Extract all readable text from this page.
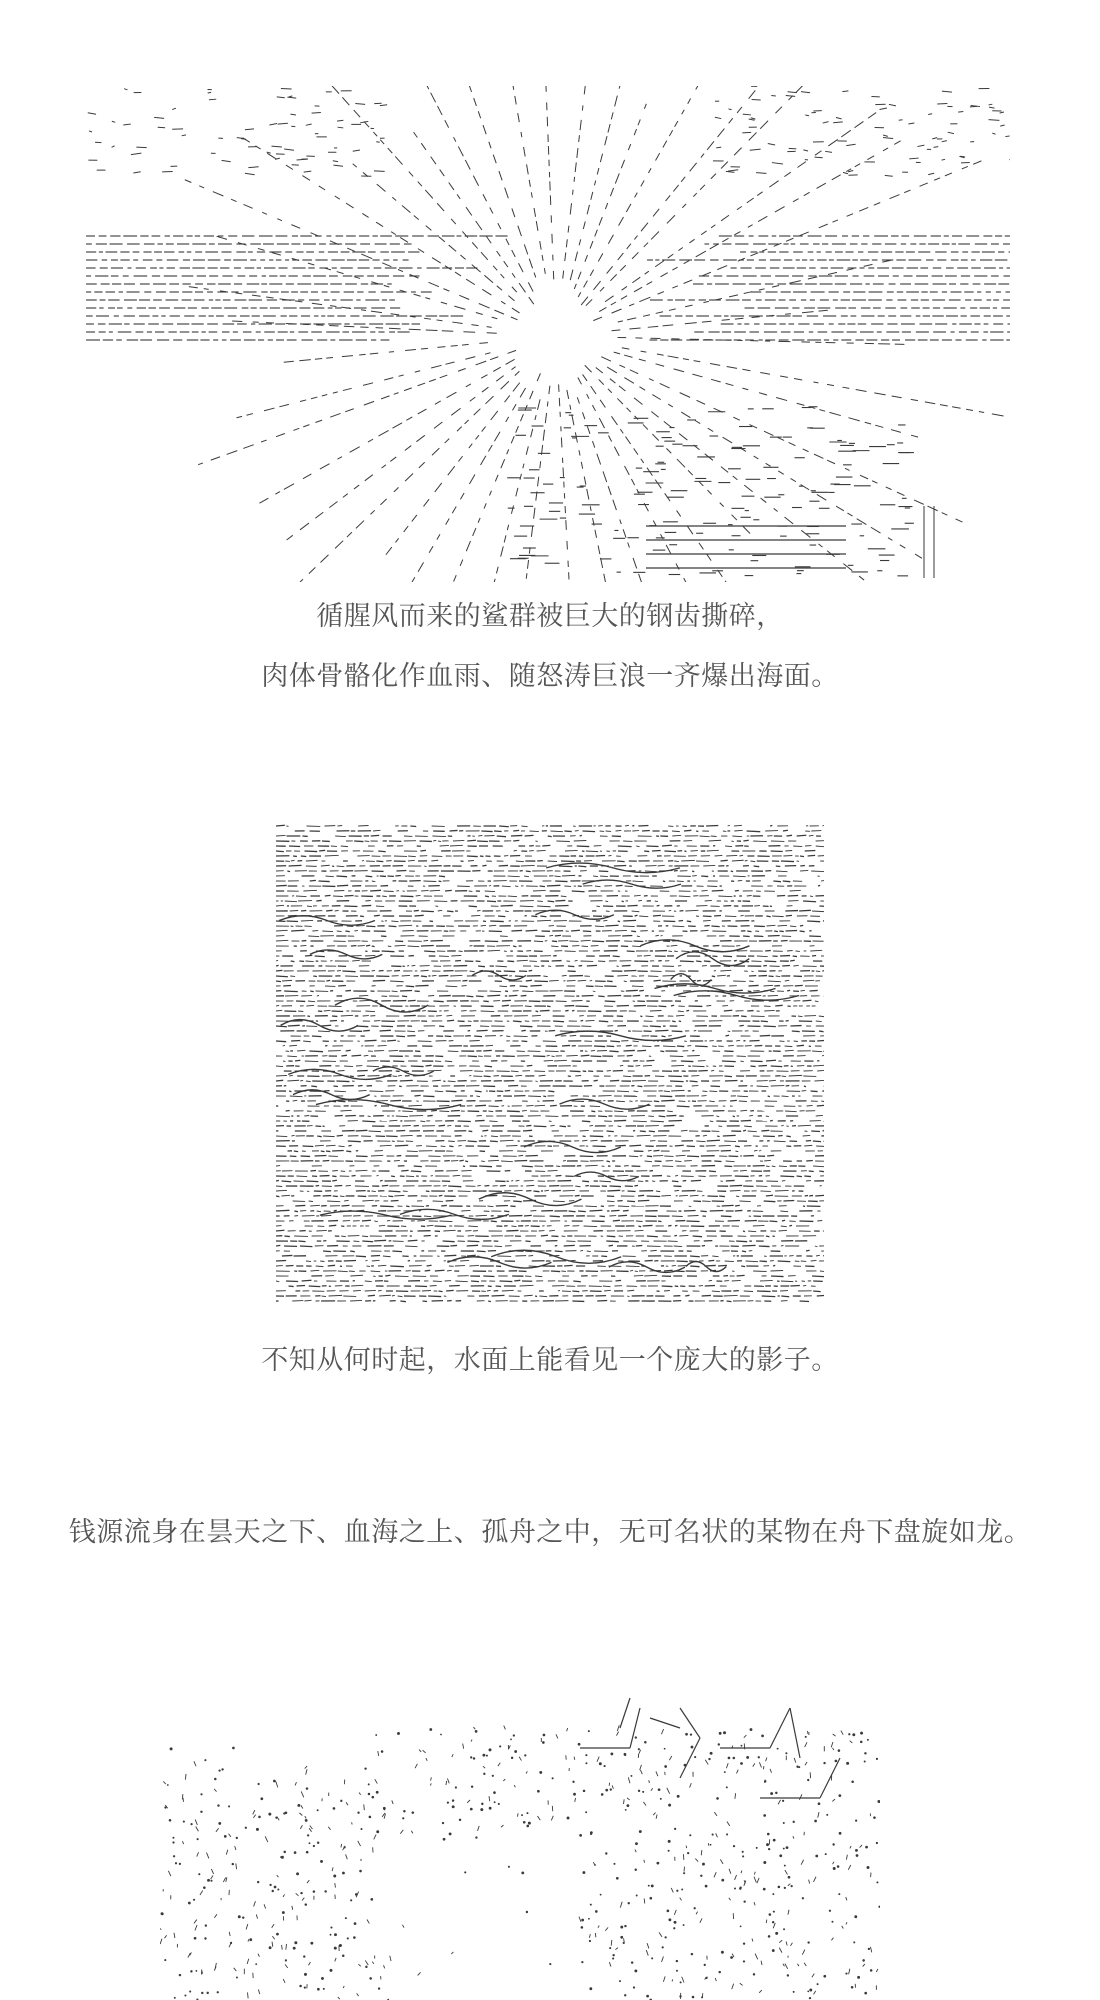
循腥风而来的鲨群被巨大的钢齿撕碎，
肉体骨骼化作血雨、随怒涛巨浪一齐爆出海面。
不知从何时起，水面上能看见一个庞大的影子。
钱源流身在昙天之下、血海之上、孤舟之中，无可名状的某物在舟下盘旋如龙。
